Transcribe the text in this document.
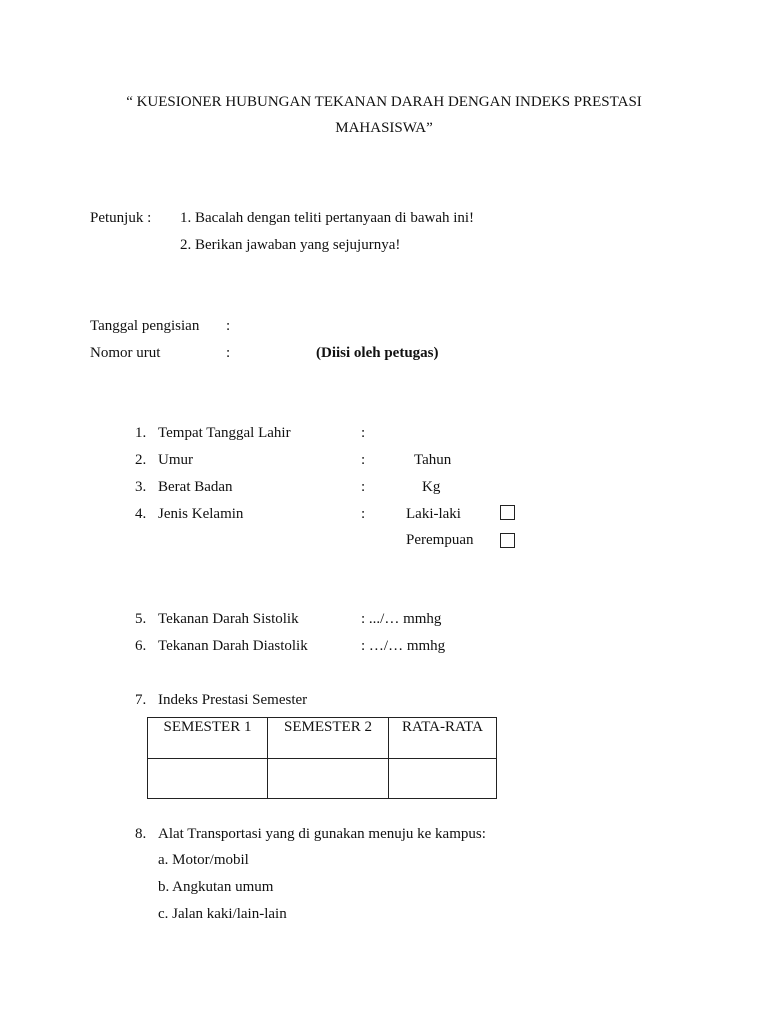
“ KUESIONER HUBUNGAN TEKANAN DARAH DENGAN INDEKS PRESTASI
MAHASISWA”
Petunjuk : 1. Bacalah dengan teliti pertanyaan di bawah ini!
2. Berikan jawaban yang sejujurnya!
Tanggal pengisian :
Nomor urut	:	(Diisi oleh petugas)
1. Tempat Tanggal Lahir	:
2. Umur	:	Tahun
3. Berat Badan	:	Kg
4. Jenis Kelamin	:	Laki-laki
Perempuan
5. Tekanan Darah Sistolik	: .../… mmhg
6. Tekanan Darah Diastolik	: …/… mmhg
7. Indeks Prestasi Semester
SEMESTER 1	SEMESTER 2	RATA-RATA

8. Alat Transportasi yang di gunakan menuju ke kampus:
a. Motor/mobil
b. Angkutan umum
c. Jalan kaki/lain-lain
